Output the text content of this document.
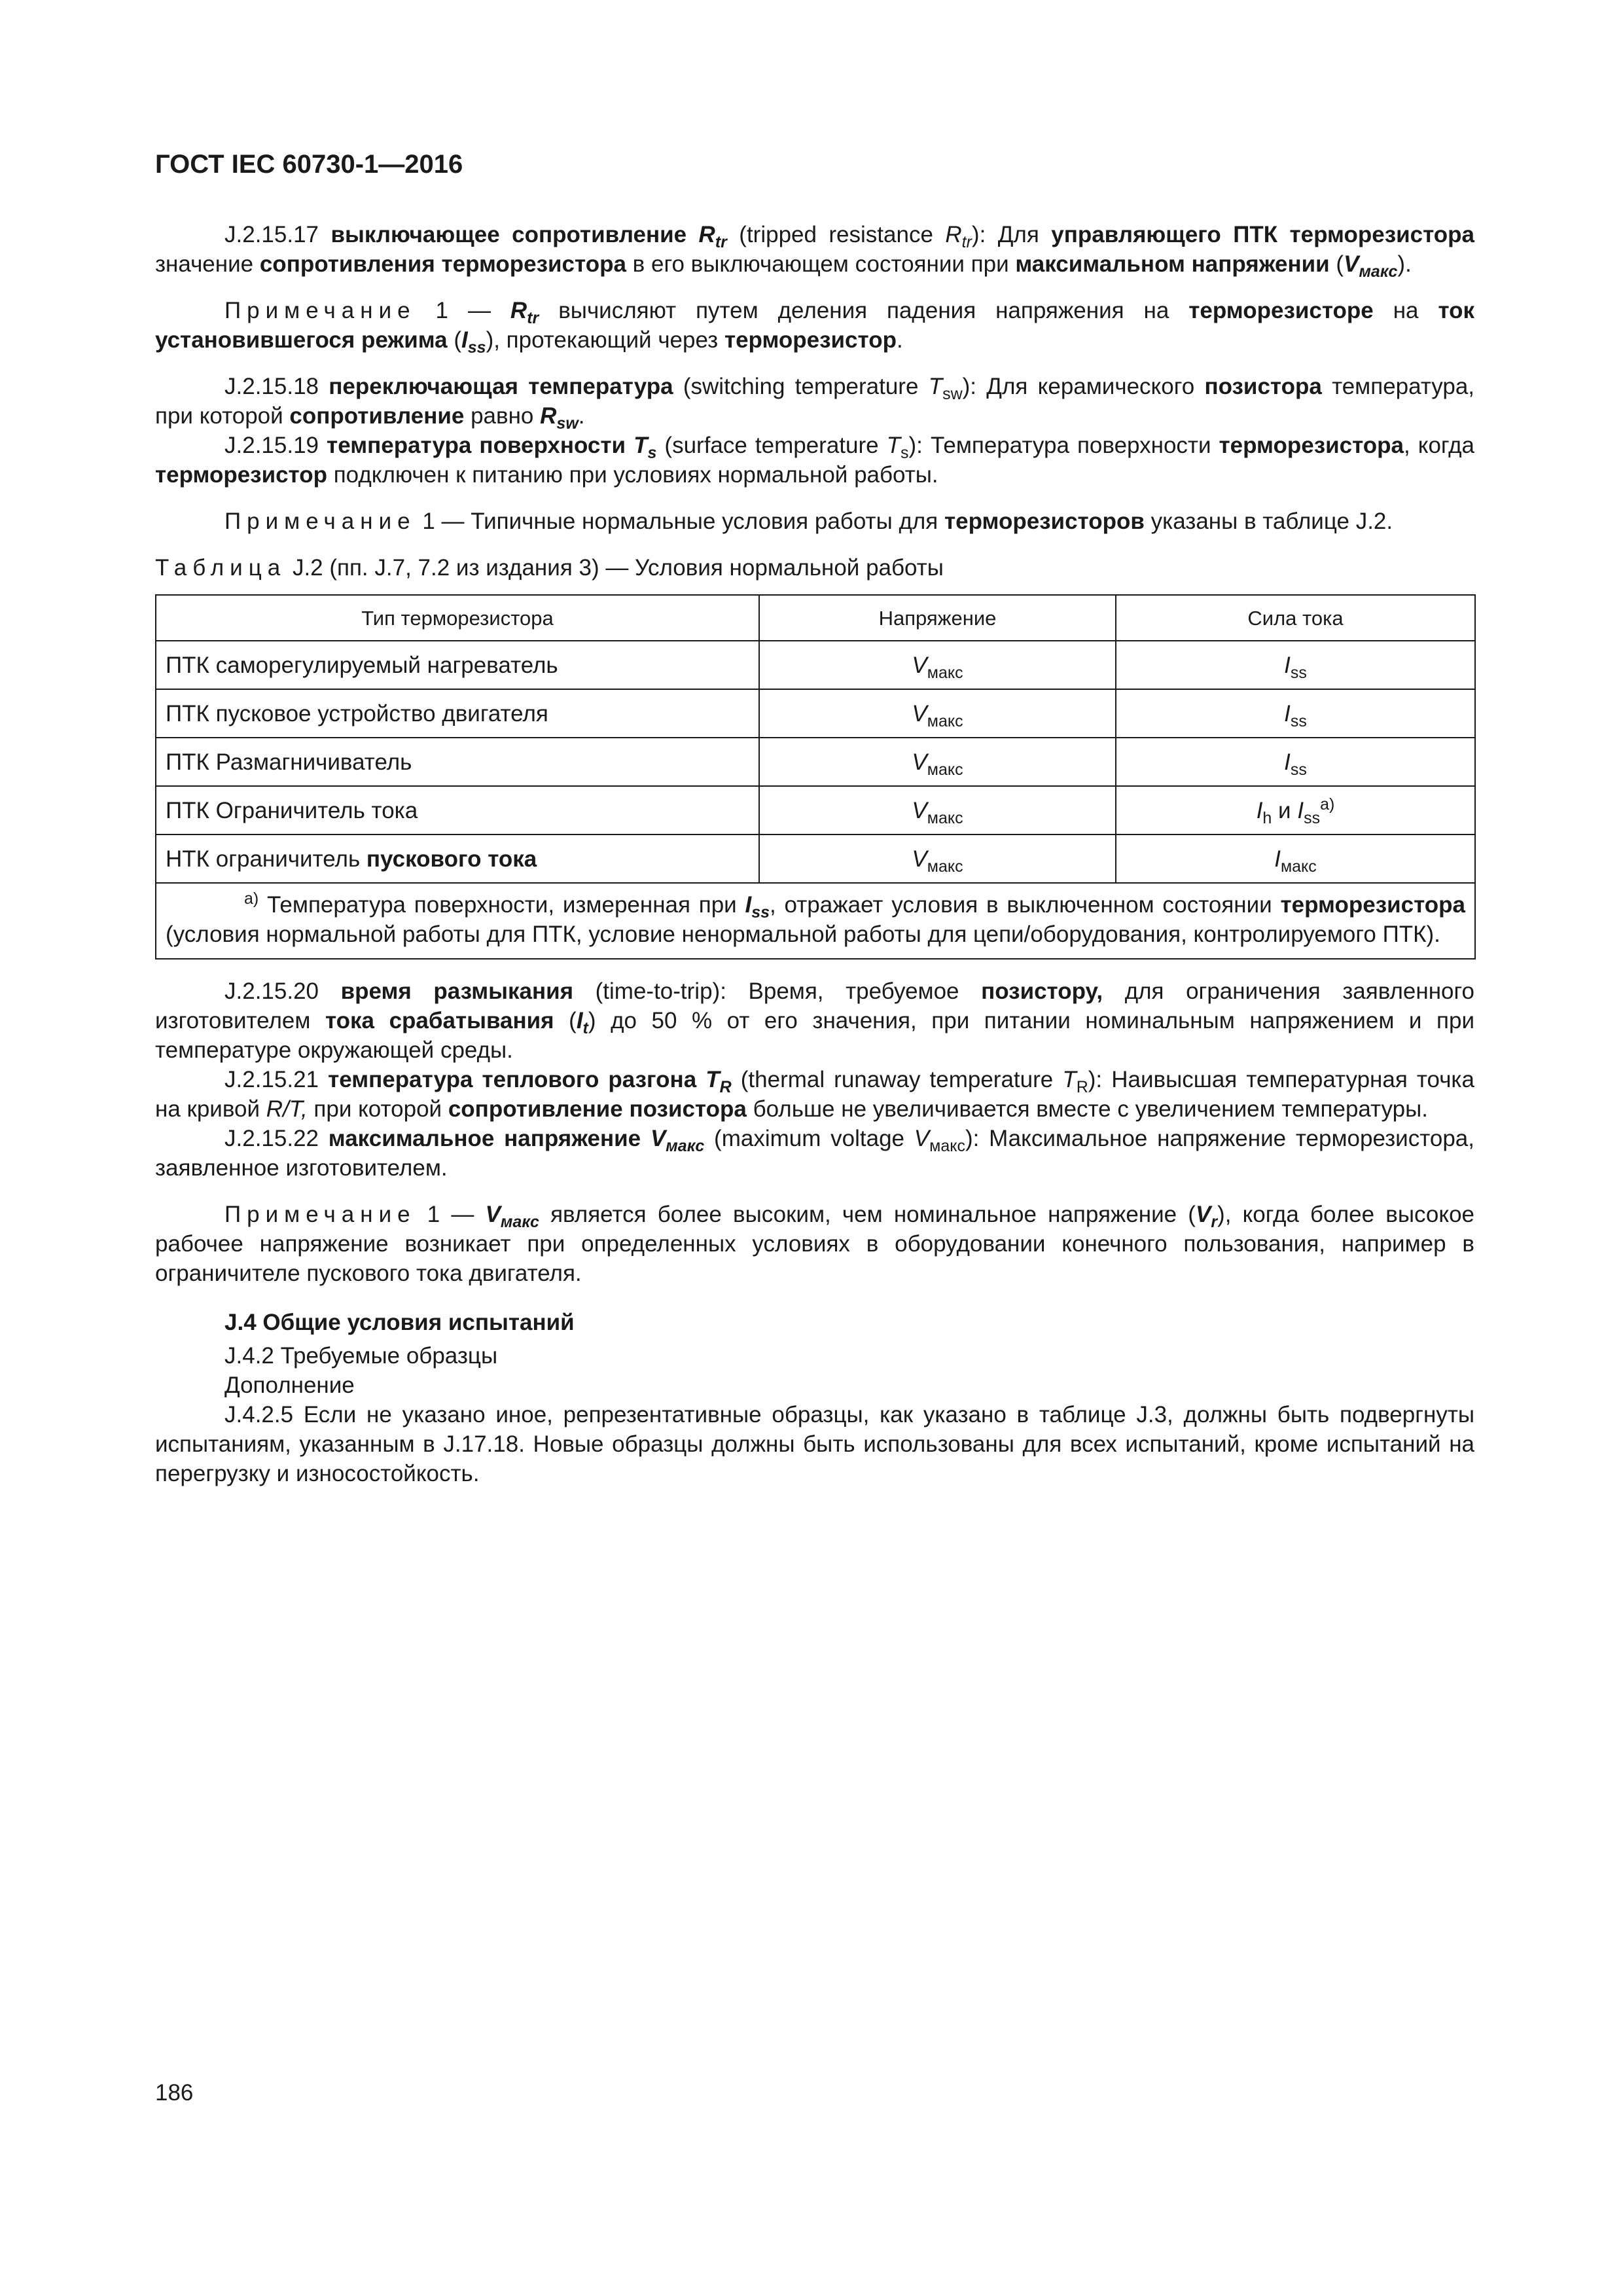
ГОСТ IEC 60730-1—2016

J.2.15.17 выключающее сопротивление $R_{tr}$ (tripped resistance $R_{tr}$): Для управляющего ПТК терморезистора значение сопротивления терморезистора в его выключающем состоянии при максимальном напряжении $(V_{макс})$.

Примечание 1 — $R_{tr}$ вычисляют путем деления падения напряжения на терморезисторе на ток установившегося режима $(I_{ss})$, протекающий через терморезистор.

J.2.15.18 переключающая температура (switching temperature $T_{sw}$): Для керамического позистора температура, при которой сопротивление равно $R_{sw}$.

J.2.15.19 температура поверхности $T_s$ (surface temperature $T_s$): Температура поверхности терморезистора, когда терморезистор подключен к питанию при условиях нормальной работы.

Примечание 1 — Типичные нормальные условия работы для терморезисторов указаны в таблице J.2.

Таблица J.2 (пп. J.7, 7.2 из издания 3) — Условия нормальной работы

Тип терморезистора	Напряжение	Сила тока
ПТК саморегулируемый нагреватель	$V_{макс}$	$I_{ss}$
ПТК пусковое устройство двигателя	$V_{макс}$	$I_{ss}$
ПТК Размагничиватель	$V_{макс}$	$I_{ss}$
ПТК Ограничитель тока	$V_{макс}$	$I_h$ и $I_{ss}^{a)}$
НТК ограничитель пускового тока	$V_{макс}$	$I_{макс}$

$^{а)}$ Температура поверхности, измеренная при $I_{ss}$, отражает условия в выключенном состоянии терморезистора (условия нормальной работы для ПТК, условие ненормальной работы для цепи/оборудования, контролируемого ПТК).		

J.2.15.20 время размыкания (time-to-trip): Время, требуемое позистору, для ограничения заявленного изготовителем тока срабатывания $(I_t)$ до 50 % от его значения, при питании номинальным напряжением и при температуре окружающей среды.

J.2.15.21 температура теплового разгона $T_R$ (thermal runaway temperature $T_R$): Наивысшая температурная точка на кривой R/T, при которой сопротивление позистора больше не увеличивается вместе с увеличением температуры.

J.2.15.22 максимальное напряжение $V_{макс}$ (maximum voltage $V_{макс}$): Максимальное напряжение терморезистора, заявленное изготовителем.

Примечание 1 — $V_{макс}$ является более высоким, чем номинальное напряжение $(V_r)$, когда более высокое рабочее напряжение возникает при определенных условиях в оборудовании конечного пользования, например в ограничителе пускового тока двигателя.

J.4 Общие условия испытаний

J.4.2 Требуемые образцы

Дополнение

J.4.2.5 Если не указано иное, репрезентативные образцы, как указано в таблице J.3, должны быть подвергнуты испытаниям, указанным в J.17.18. Новые образцы должны быть использованы для всех испытаний, кроме испытаний на перегрузку и износостойкость.

186
